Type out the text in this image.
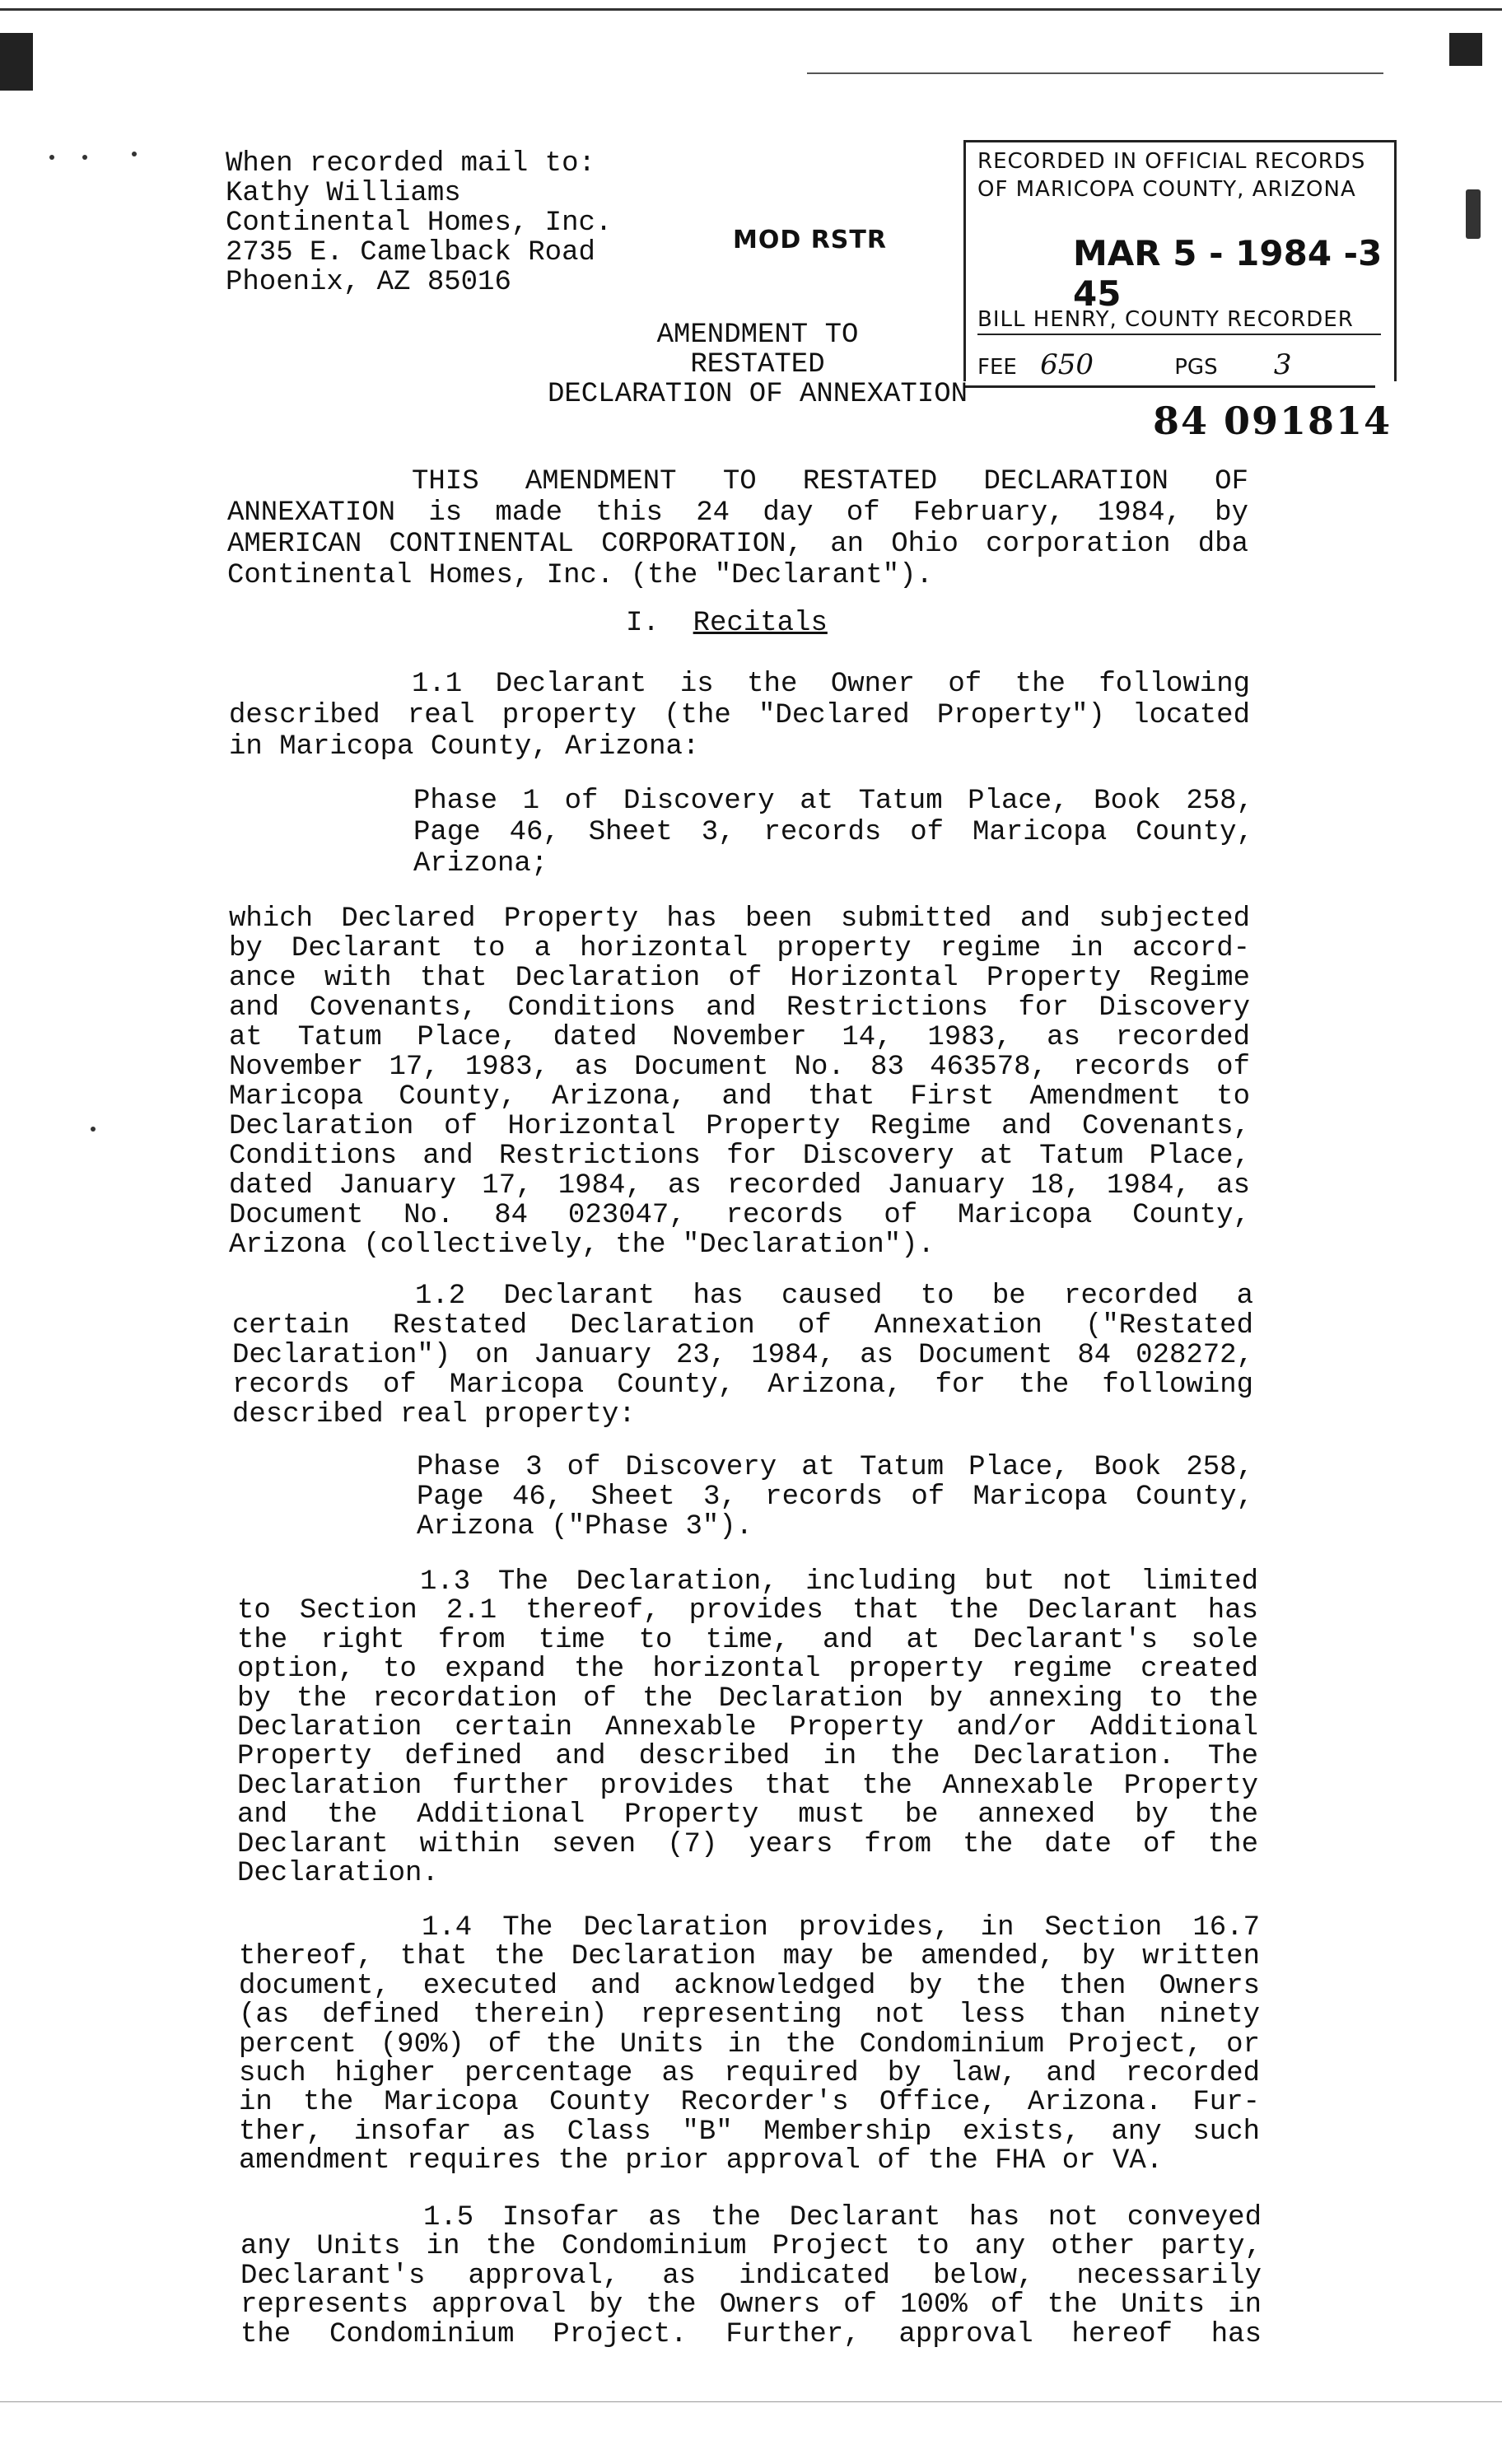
When recorded mail to:
Kathy Williams
Continental Homes, Inc.
2735 E. Camelback Road
Phoenix, AZ 85016
MOD RSTR
RECORDED IN OFFICIAL RECORDS
OF MARICOPA COUNTY, ARIZONA
MAR 5 - 1984 -3 45
BILL HENRY, COUNTY RECORDER
FEE 650	PGS 3
84 091814
AMENDMENT TO
RESTATED
DECLARATION OF ANNEXATION
THIS AMENDMENT TO RESTATED DECLARATION OF
ANNEXATION is made this 24 day of February, 1984, by
AMERICAN CONTINENTAL CORPORATION, an Ohio corporation dba
Continental Homes, Inc. (the "Declarant").
I. Recitals
1.1 Declarant is the Owner of the following
described real property (the "Declared Property") located
in Maricopa County, Arizona:
Phase 1 of Discovery at Tatum Place, Book 258,
Page 46, Sheet 3, records of Maricopa County,
Arizona;
which Declared Property has been submitted and subjected
by Declarant to a horizontal property regime in accord-
ance with that Declaration of Horizontal Property Regime
and Covenants, Conditions and Restrictions for Discovery
at Tatum Place, dated November 14, 1983, as recorded
November 17, 1983, as Document No. 83 463578, records of
Maricopa County, Arizona, and that First Amendment to
Declaration of Horizontal Property Regime and Covenants,
Conditions and Restrictions for Discovery at Tatum Place,
dated January 17, 1984, as recorded January 18, 1984, as
Document No. 84 023047, records of Maricopa County,
Arizona (collectively, the "Declaration").
1.2 Declarant has caused to be recorded a
certain Restated Declaration of Annexation ("Restated
Declaration") on January 23, 1984, as Document 84 028272,
records of Maricopa County, Arizona, for the following
described real property:
Phase 3 of Discovery at Tatum Place, Book 258,
Page 46, Sheet 3, records of Maricopa County,
Arizona ("Phase 3").
1.3 The Declaration, including but not limited
to Section 2.1 thereof, provides that the Declarant has
the right from time to time, and at Declarant's sole
option, to expand the horizontal property regime created
by the recordation of the Declaration by annexing to the
Declaration certain Annexable Property and/or Additional
Property defined and described in the Declaration. The
Declaration further provides that the Annexable Property
and the Additional Property must be annexed by the
Declarant within seven (7) years from the date of the
Declaration.
1.4 The Declaration provides, in Section 16.7
thereof, that the Declaration may be amended, by written
document, executed and acknowledged by the then Owners
(as defined therein) representing not less than ninety
percent (90%) of the Units in the Condominium Project, or
such higher percentage as required by law, and recorded
in the Maricopa County Recorder's Office, Arizona. Fur-
ther, insofar as Class "B" Membership exists, any such
amendment requires the prior approval of the FHA or VA.
1.5 Insofar as the Declarant has not conveyed
any Units in the Condominium Project to any other party,
Declarant's approval, as indicated below, necessarily
represents approval by the Owners of 100% of the Units in
the Condominium Project. Further, approval hereof has
